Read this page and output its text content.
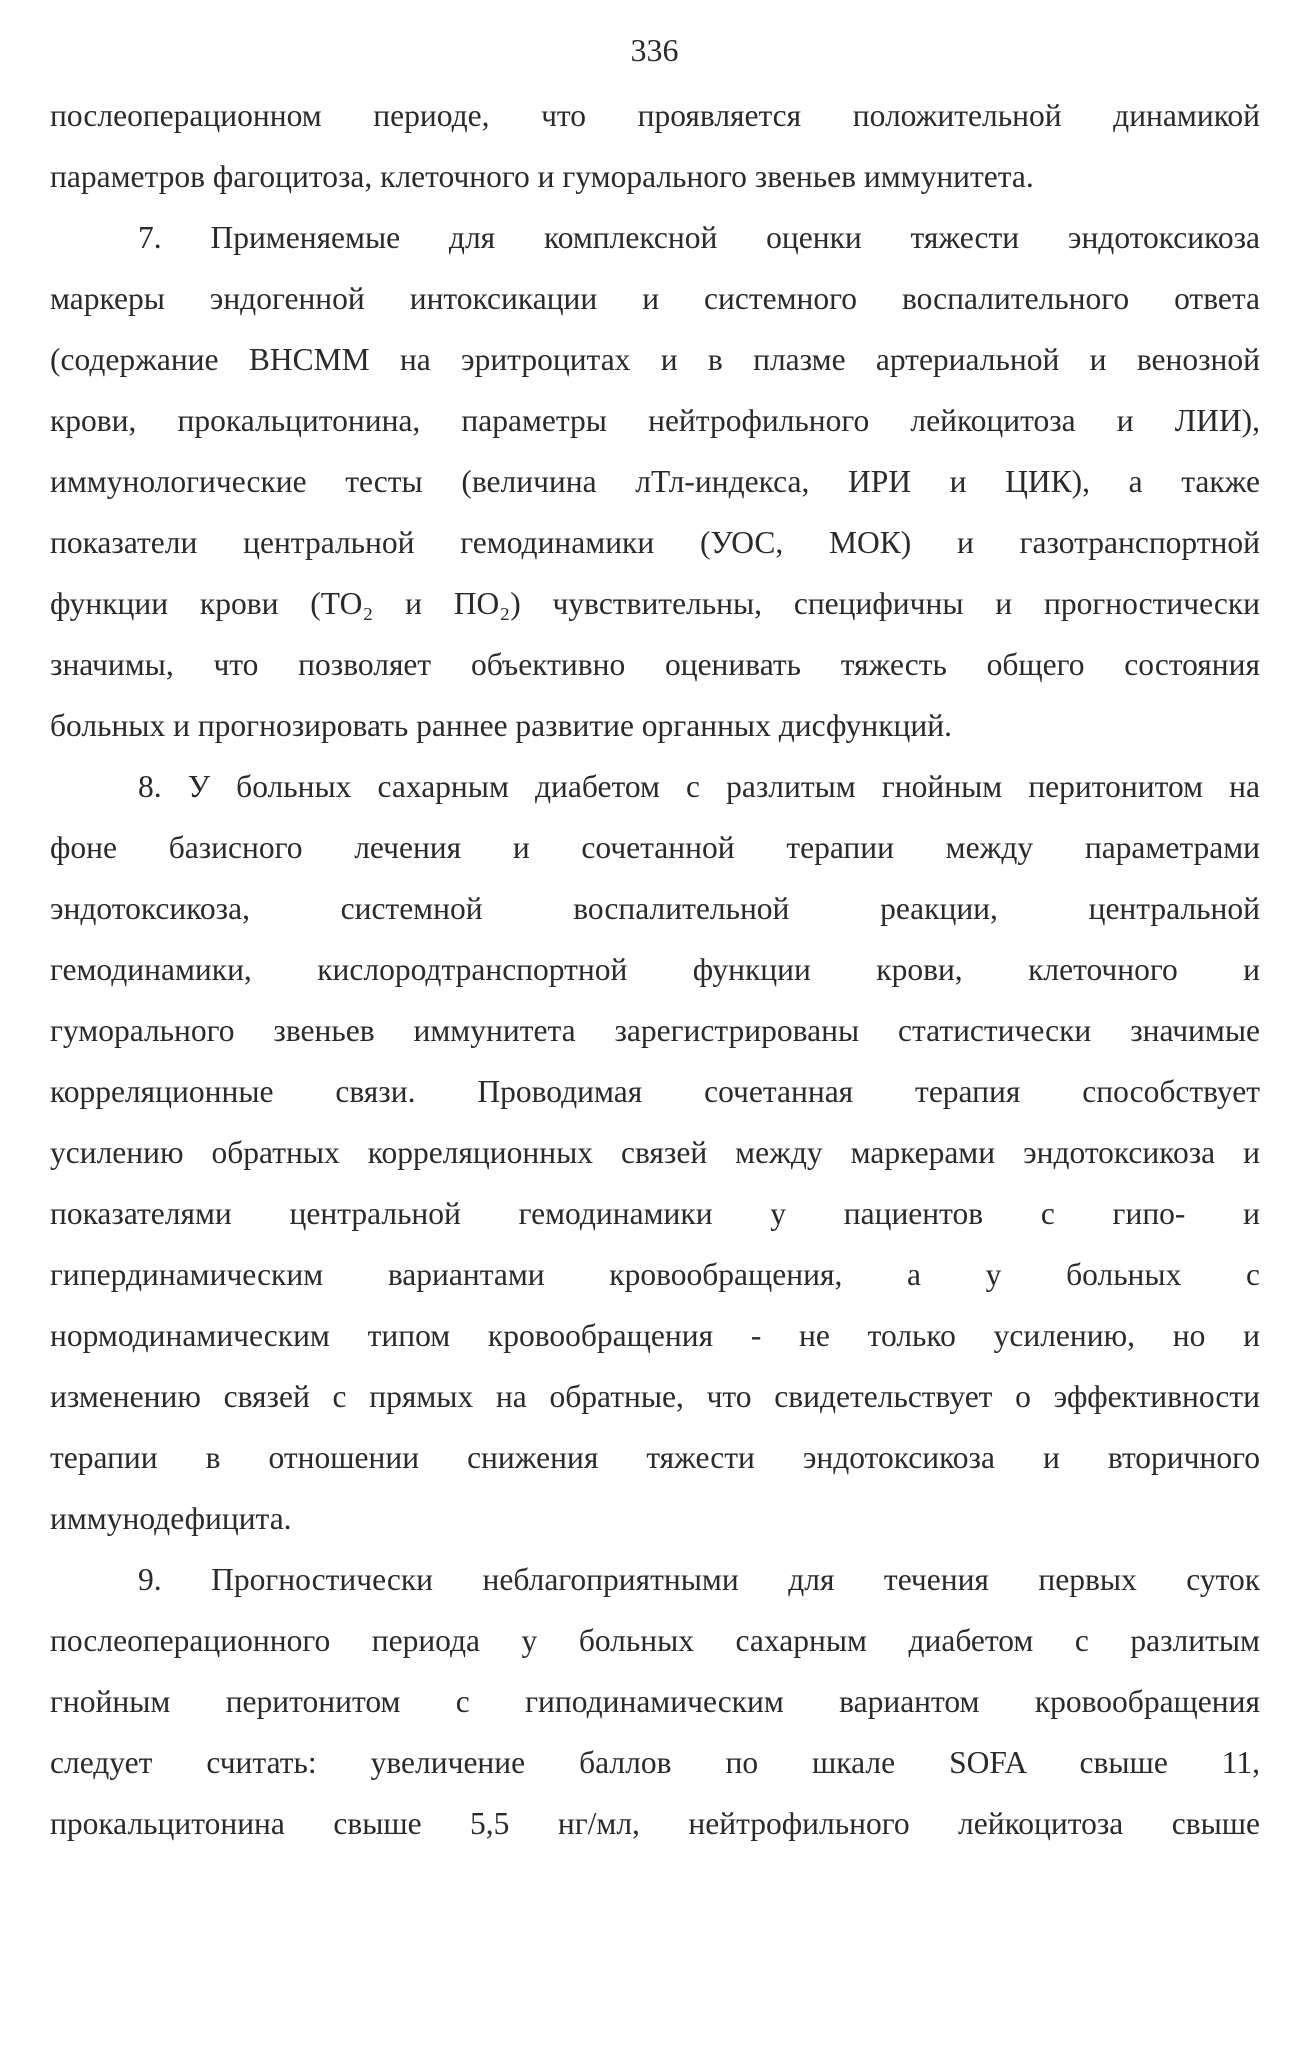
336
послеоперационном периоде, что проявляется положительной динамикой
параметров фагоцитоза, клеточного и гуморального звеньев иммунитета.
7. Применяемые для комплексной оценки тяжести эндотоксикоза
маркеры эндогенной интоксикации и системного воспалительного ответа
(содержание ВНСММ на эритроцитах и в плазме артериальной и венозной
крови, прокальцитонина, параметры нейтрофильного лейкоцитоза и ЛИИ),
иммунологические тесты (величина лТл-индекса, ИРИ и ЦИК), а также
показатели центральной гемодинамики (УОС, МОК) и газотранспортной
функции крови (ТО₂ и ПО₂) чувствительны, специфичны и прогностически
значимы, что позволяет объективно оценивать тяжесть общего состояния
больных и прогнозировать раннее развитие органных дисфункций.
8. У больных сахарным диабетом с разлитым гнойным перитонитом на
фоне базисного лечения и сочетанной терапии между параметрами
эндотоксикоза, системной воспалительной реакции, центральной
гемодинамики, кислородтранспортной функции крови, клеточного и
гуморального звеньев иммунитета зарегистрированы статистически значимые
корреляционные связи. Проводимая сочетанная терапия способствует
усилению обратных корреляционных связей между маркерами эндотоксикоза и
показателями центральной гемодинамики у пациентов с гипо- и
гипердинамическим вариантами кровообращения, а у больных с
нормодинамическим типом кровообращения - не только усилению, но и
изменению связей с прямых на обратные, что свидетельствует о эффективности
терапии в отношении снижения тяжести эндотоксикоза и вторичного
иммунодефицита.
9. Прогностически неблагоприятными для течения первых суток
послеоперационного периода у больных сахарным диабетом с разлитым
гнойным перитонитом с гиподинамическим вариантом кровообращения
следует считать: увеличение баллов по шкале SOFA свыше 11,
прокальцитонина свыше 5,5 нг/мл, нейтрофильного лейкоцитоза свыше
